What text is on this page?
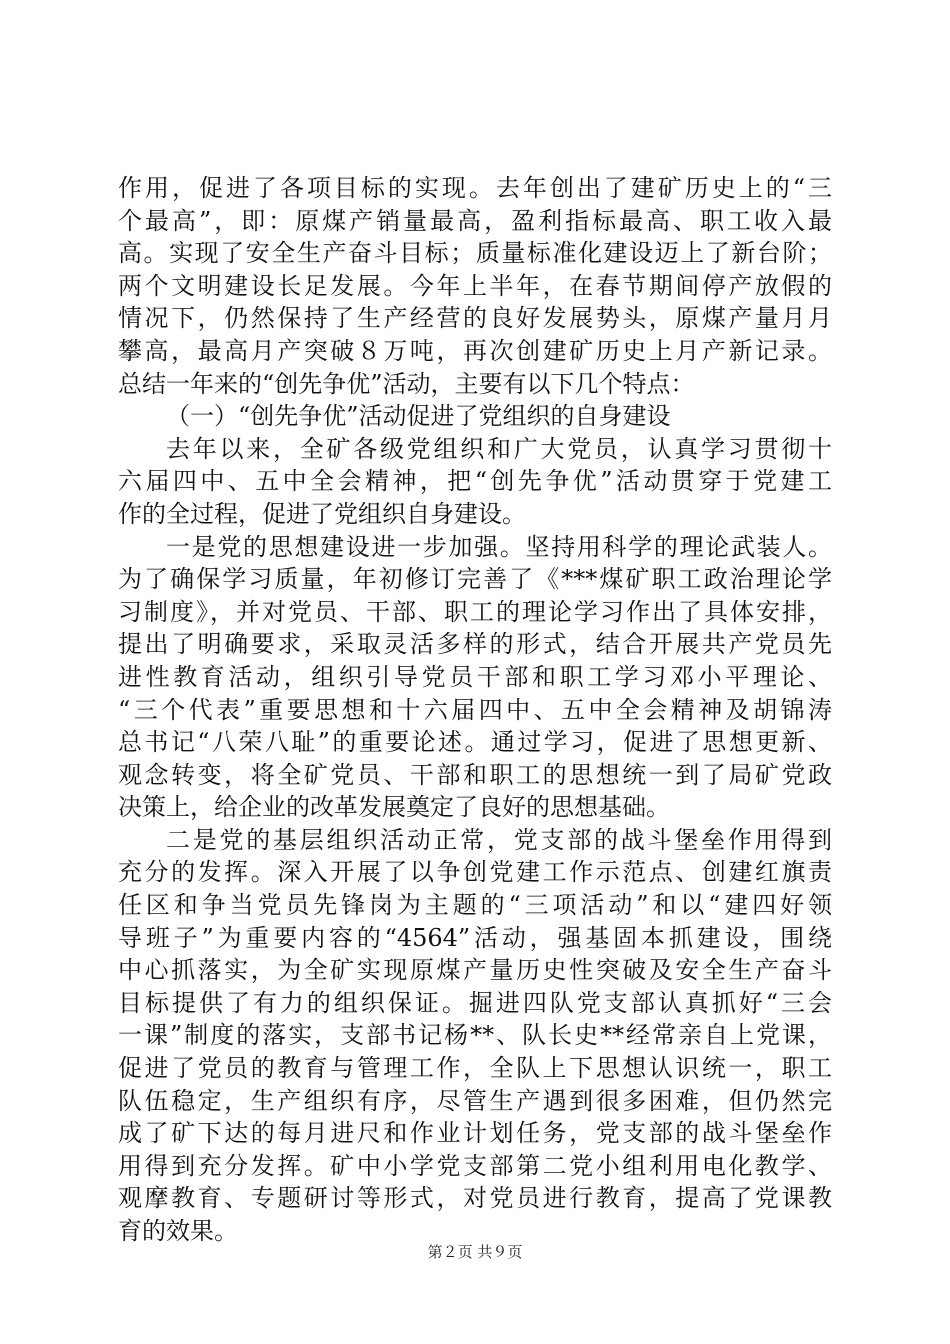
作用，促进了各项目标的实现。去年创出了建矿历史上的“三
个最高”，即：原煤产销量最高，盈利指标最高、职工收入最
高。实现了安全生产奋斗目标；质量标准化建设迈上了新台阶；
两个文明建设长足发展。今年上半年，在春节期间停产放假的
情况下，仍然保持了生产经营的良好发展势头，原煤产量月月
攀高，最高月产突破８万吨，再次创建矿历史上月产新记录。
总结一年来的“创先争优”活动，主要有以下几个特点：
（一）“创先争优”活动促进了党组织的自身建设
去年以来，全矿各级党组织和广大党员，认真学习贯彻十
六届四中、五中全会精神，把“创先争优”活动贯穿于党建工
作的全过程，促进了党组织自身建设。
一是党的思想建设进一步加强。坚持用科学的理论武装人。
为了确保学习质量，年初修订完善了《***煤矿职工政治理论学
习制度》，并对党员、干部、职工的理论学习作出了具体安排，
提出了明确要求，采取灵活多样的形式，结合开展共产党员先
进性教育活动，组织引导党员干部和职工学习邓小平理论、
“三个代表”重要思想和十六届四中、五中全会精神及胡锦涛
总书记“八荣八耻”的重要论述。通过学习，促进了思想更新、
观念转变，将全矿党员、干部和职工的思想统一到了局矿党政
决策上，给企业的改革发展奠定了良好的思想基础。
二是党的基层组织活动正常，党支部的战斗堡垒作用得到
充分的发挥。深入开展了以争创党建工作示范点、创建红旗责
任区和争当党员先锋岗为主题的“三项活动”和以“建四好领
导班子”为重要内容的“4564”活动，强基固本抓建设，围绕
中心抓落实，为全矿实现原煤产量历史性突破及安全生产奋斗
目标提供了有力的组织保证。掘进四队党支部认真抓好“三会
一课”制度的落实，支部书记杨**、队长史**经常亲自上党课，
促进了党员的教育与管理工作，全队上下思想认识统一，职工
队伍稳定，生产组织有序，尽管生产遇到很多困难，但仍然完
成了矿下达的每月进尺和作业计划任务，党支部的战斗堡垒作
用得到充分发挥。矿中小学党支部第二党小组利用电化教学、
观摩教育、专题研讨等形式，对党员进行教育，提高了党课教
育的效果。
第２页 共９页
